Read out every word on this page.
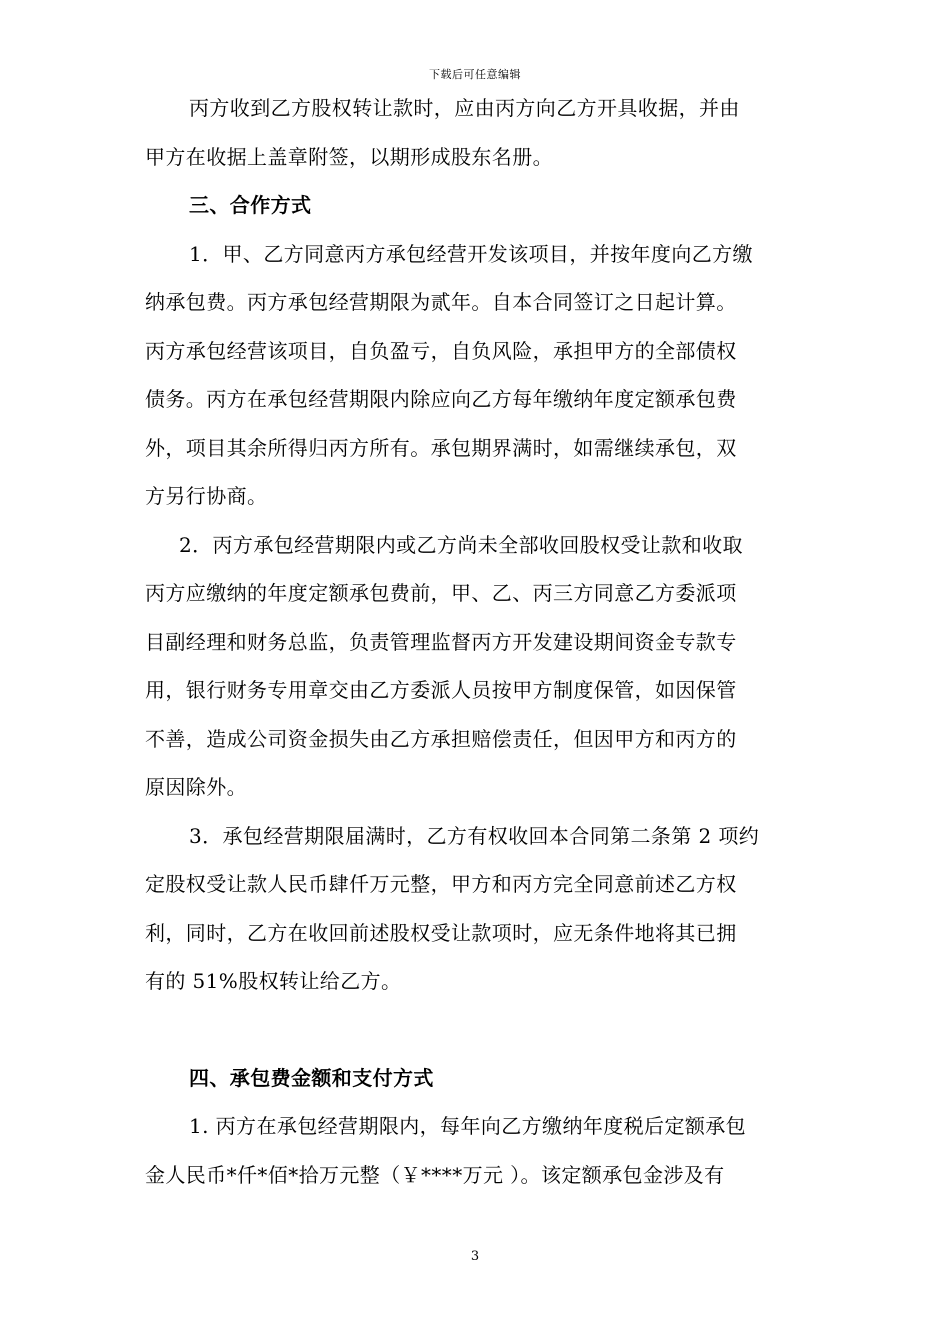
下载后可任意编辑
丙方收到乙方股权转让款时，应由丙方向乙方开具收据，并由
甲方在收据上盖章附签，以期形成股东名册。
三、合作方式
1．甲、乙方同意丙方承包经营开发该项目，并按年度向乙方缴
纳承包费。丙方承包经营期限为贰年。自本合同签订之日起计算。
丙方承包经营该项目，自负盈亏，自负风险，承担甲方的全部债权
债务。丙方在承包经营期限内除应向乙方每年缴纳年度定额承包费
外，项目其余所得归丙方所有。承包期界满时，如需继续承包，双
方另行协商。
2．丙方承包经营期限内或乙方尚未全部收回股权受让款和收取
丙方应缴纳的年度定额承包费前，甲、乙、丙三方同意乙方委派项
目副经理和财务总监，负责管理监督丙方开发建设期间资金专款专
用，银行财务专用章交由乙方委派人员按甲方制度保管，如因保管
不善，造成公司资金损失由乙方承担赔偿责任，但因甲方和丙方的
原因除外。
3．承包经营期限届满时，乙方有权收回本合同第二条第 2 项约
定股权受让款人民币肆仟万元整，甲方和丙方完全同意前述乙方权
利，同时，乙方在收回前述股权受让款项时，应无条件地将其已拥
有的 51%股权转让给乙方。
四、承包费金额和支付方式
1. 丙方在承包经营期限内，每年向乙方缴纳年度税后定额承包
金人民币*仟*佰*拾万元整（￥****万元 ）。该定额承包金涉及有
3
